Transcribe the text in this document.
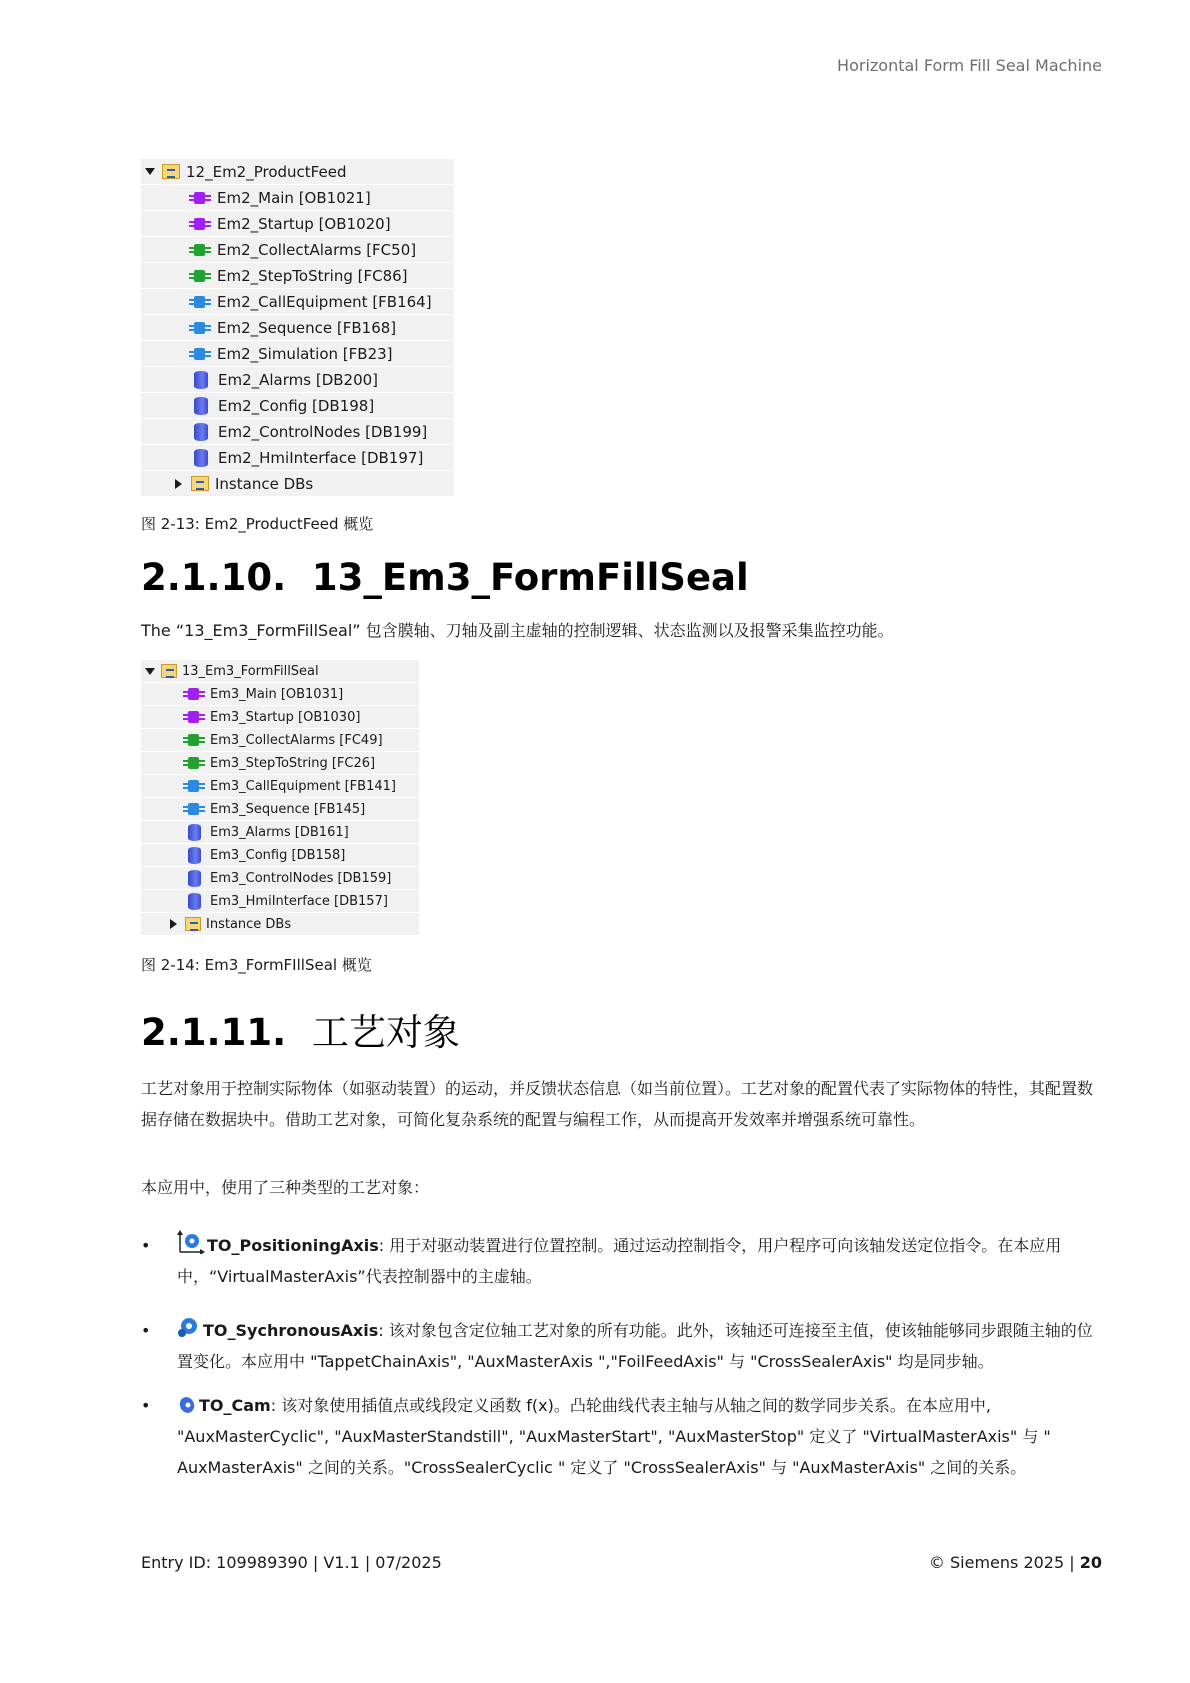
Horizontal Form Fill Seal Machine
12_Em2_ProductFeed
Em2_Main [OB1021]
Em2_Startup [OB1020]
Em2_CollectAlarms [FC50]
Em2_StepToString [FC86]
Em2_CallEquipment [FB164]
Em2_Sequence [FB168]
Em2_Simulation [FB23]
Em2_Alarms [DB200]
Em2_Config [DB198]
Em2_ControlNodes [DB199]
Em2_HmiInterface [DB197]
Instance DBs
图 2-13: Em2_ProductFeed 概览
2.1.10. 13_Em3_FormFillSeal
The “13_Em3_FormFillSeal” 包含膜轴、刀轴及副主虚轴的控制逻辑、状态监测以及报警采集监控功能。
13_Em3_FormFillSeal
Em3_Main [OB1031]
Em3_Startup [OB1030]
Em3_CollectAlarms [FC49]
Em3_StepToString [FC26]
Em3_CallEquipment [FB141]
Em3_Sequence [FB145]
Em3_Alarms [DB161]
Em3_Config [DB158]
Em3_ControlNodes [DB159]
Em3_HmiInterface [DB157]
Instance DBs
图 2-14: Em3_FormFIllSeal 概览
2.1.11. 工艺对象
工艺对象用于控制实际物体（如驱动装置）的运动，并反馈状态信息（如当前位置）。工艺对象的配置代表了实际物体的特性，其配置数据存储在数据块中。借助工艺对象，可简化复杂系统的配置与编程工作，从而提高开发效率并增强系统可靠性。
本应用中，使用了三种类型的工艺对象：
•	TO_PositioningAxis: 用于对驱动装置进行位置控制。通过运动控制指令，用户程序可向该轴发送定位指令。在本应用中，“VirtualMasterAxis”代表控制器中的主虚轴。
•	TO_SychronousAxis: 该对象包含定位轴工艺对象的所有功能。此外，该轴还可连接至主值，使该轴能够同步跟随主轴的位置变化。本应用中 "TappetChainAxis", "AuxMasterAxis ","FoilFeedAxis" 与 "CrossSealerAxis" 均是同步轴。
•	TO_Cam: 该对象使用插值点或线段定义函数 f(x)。凸轮曲线代表主轴与从轴之间的数学同步关系。在本应用中, "AuxMasterCyclic", "AuxMasterStandstill", "AuxMasterStart", "AuxMasterStop" 定义了 "VirtualMasterAxis" 与 " AuxMasterAxis" 之间的关系。"CrossSealerCyclic " 定义了 "CrossSealerAxis" 与 "AuxMasterAxis" 之间的关系。
Entry ID: 109989390 | V1.1 | 07/2025	© Siemens 2025 | 20
